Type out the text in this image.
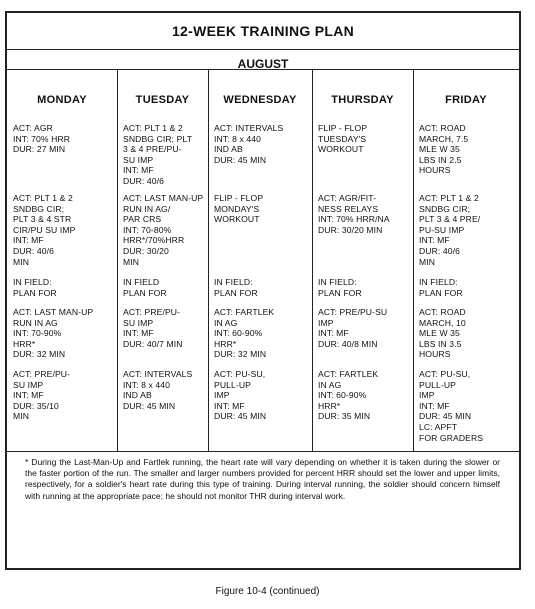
12-WEEK TRAINING PLAN
AUGUST
MONDAY
ACT: AGR
INT: 70% HRR
DUR: 27 MIN
ACT: PLT 1 & 2
SNDBG CIR;
PLT 3 & 4 STR
CIR/PU SU IMP
INT: MF
DUR: 40/6
MIN
IN FIELD:
PLAN FOR
ACT: LAST MAN-UP
RUN IN AG
INT: 70-90%
HRR*
DUR: 32 MIN
ACT: PRE/PU-
SU IMP
INT: MF
DUR: 35/10
MIN
TUESDAY
ACT: PLT 1 & 2
SNDBG CIR; PLT
3 & 4 PRE/PU-
SU IMP
INT: MF
DUR: 40/6
ACT: LAST MAN-UP
RUN IN AG/
PAR CRS
INT: 70-80%
HRR*/70%HRR
DUR: 30/20
MIN
IN FIELD
PLAN FOR
ACT: PRE/PU-
SU IMP
INT: MF
DUR: 40/7 MIN
ACT: INTERVALS
INT: 8 x 440
IND AB
DUR: 45 MIN
WEDNESDAY
ACT: INTERVALS
INT: 8 x 440
IND AB
DUR: 45 MIN
FLIP - FLOP
MONDAY'S
WORKOUT
IN FIELD:
PLAN FOR
ACT: FARTLEK
IN AG
INT: 60-90%
HRR*
DUR: 32 MIN
ACT: PU-SU,
PULL-UP
IMP
INT: MF
DUR: 45 MIN
THURSDAY
FLIP - FLOP
TUESDAY'S
WORKOUT
ACT: AGR/FIT-
NESS RELAYS
INT: 70% HRR/NA
DUR: 30/20 MIN
IN FIELD:
PLAN FOR
ACT: PRE/PU-SU
IMP
INT: MF
DUR: 40/8 MIN
ACT: FARTLEK
IN AG
INT: 60-90%
HRR*
DUR: 35 MIN
FRIDAY
ACT: ROAD
MARCH, 7.5
MLE W 35
LBS IN 2.5
HOURS
ACT: PLT 1 & 2
SNDBG CIR;
PLT 3 & 4 PRE/
PU-SU IMP
INT: MF
DUR: 40/6
MIN
IN FIELD:
PLAN FOR
ACT: ROAD
MARCH, 10
MLE W 35
LBS IN 3.5
HOURS
ACT: PU-SU,
PULL-UP
IMP
INT: MF
DUR: 45 MIN
LC: APFT
FOR GRADERS
* During the Last-Man-Up and Fartlek running, the heart rate will vary depending on whether it is taken during the slower or the faster portion of the run. The smaller and larger numbers provided for percent HRR should set the lower and upper limits, respectively, for a soldier's heart rate during this type of training. During interval running, the soldier should concern himself with running at the appropriate pace; he should not monitor THR during interval work.
Figure 10-4 (continued)
